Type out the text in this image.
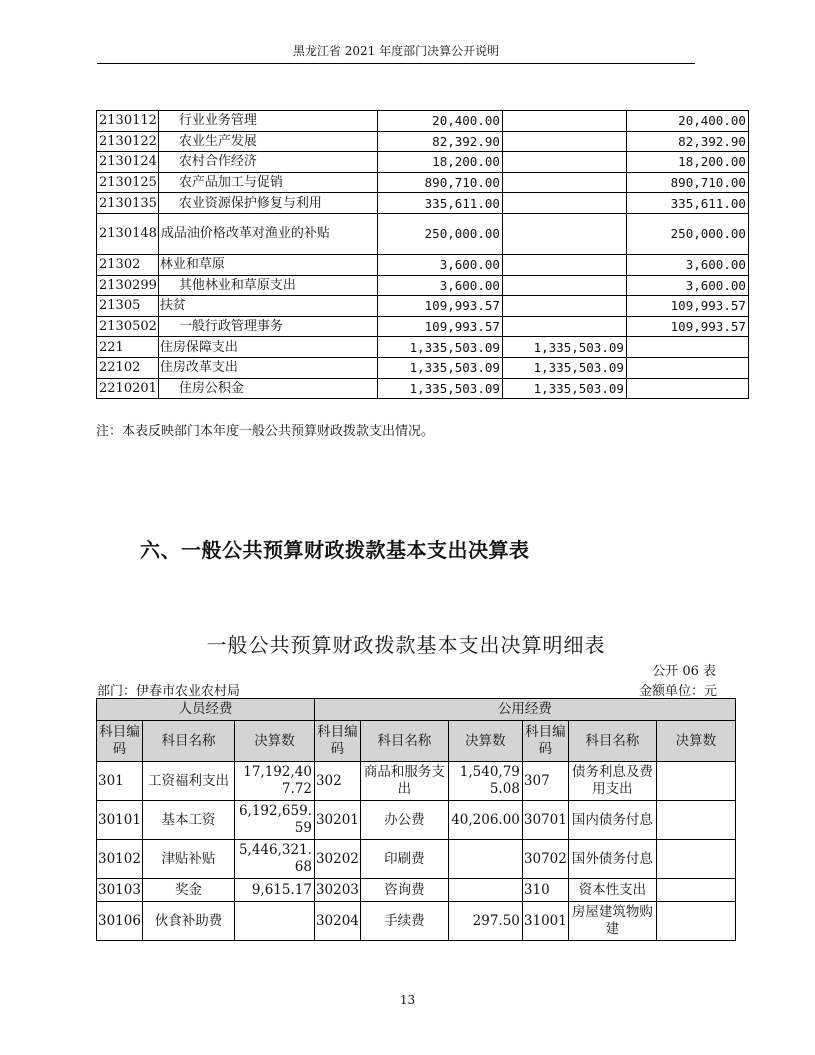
黑龙江省 2021 年度部门决算公开说明
2130112	行业业务管理	20,400.00		20,400.00
2130122	农业生产发展	82,392.90		82,392.90
2130124	农村合作经济	18,200.00		18,200.00
2130125	农产品加工与促销	890,710.00		890,710.00
2130135	农业资源保护修复与利用	335,611.00		335,611.00
2130148	成品油价格改革对渔业的补贴	250,000.00		250,000.00
21302	林业和草原	3,600.00		3,600.00
2130299	其他林业和草原支出	3,600.00		3,600.00
21305	扶贫	109,993.57		109,993.57
2130502	一般行政管理事务	109,993.57		109,993.57
221	住房保障支出	1,335,503.09	1,335,503.09	
22102	住房改革支出	1,335,503.09	1,335,503.09	
2210201	住房公积金	1,335,503.09	1,335,503.09	
注：本表反映部门本年度一般公共预算财政拨款支出情况。
六、一般公共预算财政拨款基本支出决算表
一般公共预算财政拨款基本支出决算明细表
公开 06 表
部门：伊春市农业农村局	金额单位：元
人员经费			公用经费					
科目编码	科目名称	决算数	科目编码	科目名称	决算数	科目编码	科目名称	决算数
301	工资福利支出	17,192,407.72	302	商品和服务支出	1,540,795.08	307	债务利息及费用支出	
30101	基本工资	6,192,659.59	30201	办公费	40,206.00	30701	国内债务付息	
30102	津贴补贴	5,446,321.68	30202	印刷费		30702	国外债务付息	
30103	奖金	9,615.17	30203	咨询费		310	资本性支出	
30106	伙食补助费		30204	手续费	297.50	31001	房屋建筑物购建	
13
